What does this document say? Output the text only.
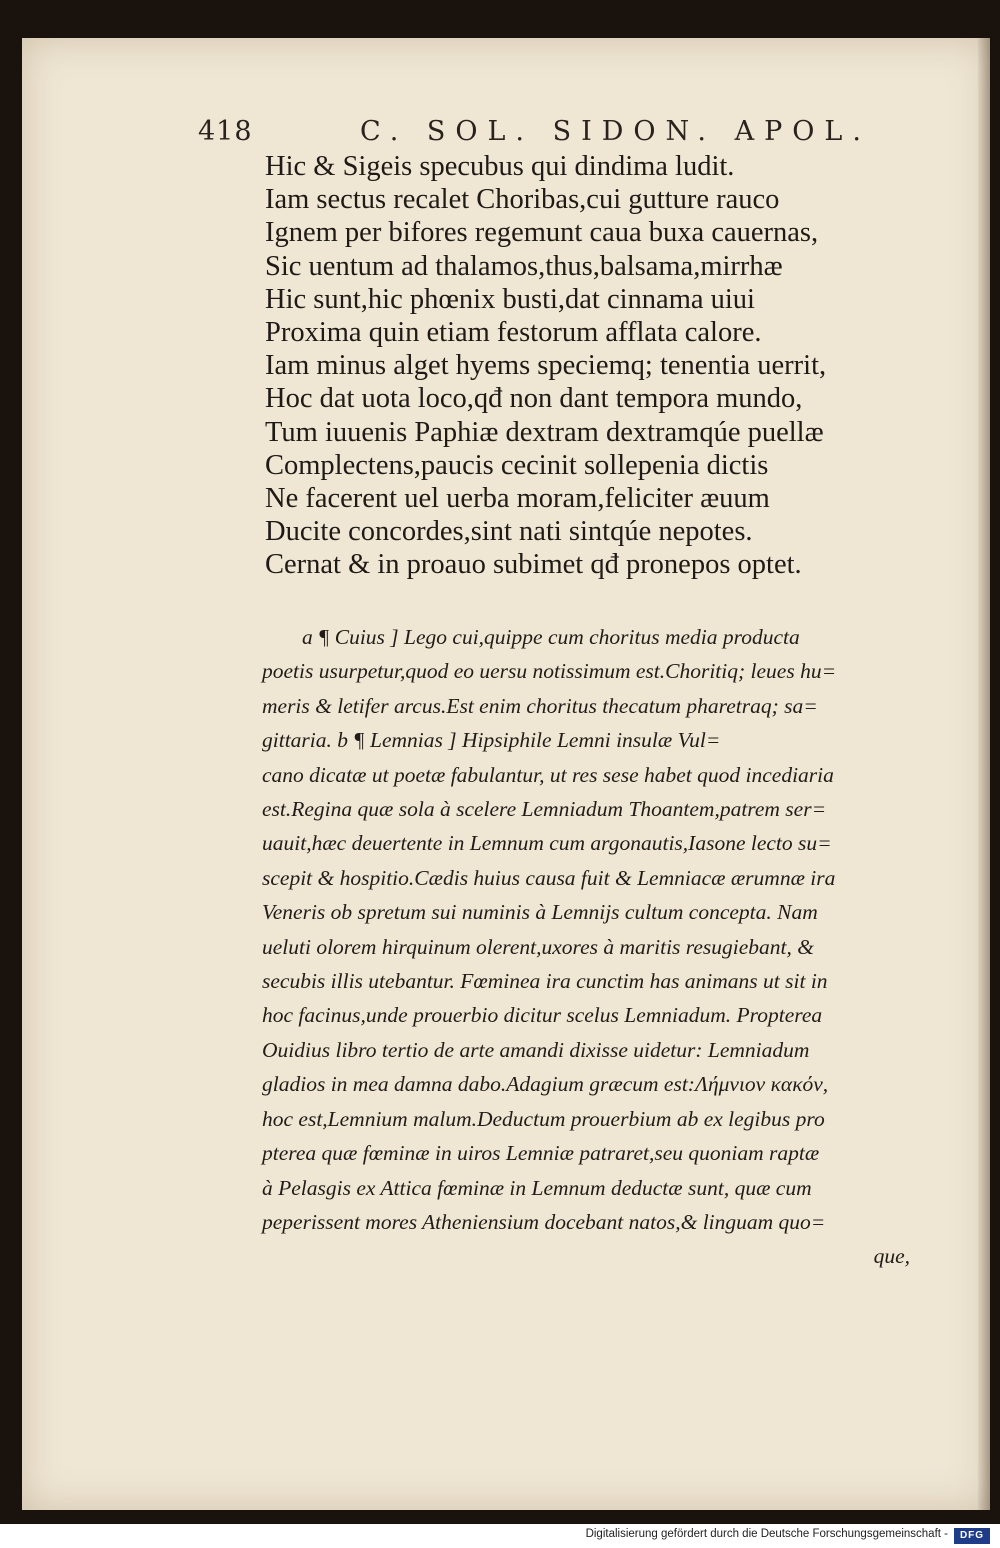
418	C. SOL. SIDON. APOL.
Hic & Sigeis specubus qui dindima ludit.
Iam sectus recalet Choribas,cui gutture rauco
Ignem per bifores regemunt caua buxa cauernas,
Sic uentum ad thalamos,thus,balsama,mirrhæ
Hic sunt,hic phœnix busti,dat cinnama uiui
Proxima quin etiam festorum afflata calore.
Iam minus alget hyems speciemq; tenentia uerrit,
Hoc dat uota loco,qđ non dant tempora mundo,
Tum iuuenis Paphiæ dextram dextramqúe puellæ
Complectens,paucis cecinit sollepenia dictis
Ne facerent uel uerba moram,feliciter æuum
Ducite concordes,sint nati sintqúe nepotes.
Cernat & in proauo subimet qđ pronepos optet.
a ¶ Cuius ] Lego cui,quippe cum choritus media producta
poetis usurpetur,quod eo uersu notissimum est.Choritiq; leues hu=
meris & letifer arcus.Est enim choritus thecatum pharetraq; sa=
gittaria. b ¶ Lemnias ] Hipsiphile Lemni insulæ Vul=
cano dicatæ ut poetæ fabulantur, ut res sese habet quod incediaria
est.Regina quæ sola à scelere Lemniadum Thoantem,patrem ser=
uauit,hæc deuertente in Lemnum cum argonautis,Iasone lecto su=
scepit & hospitio.Cædis huius causa fuit & Lemniacæ ærumnæ ira
Veneris ob spretum sui numinis à Lemnijs cultum concepta. Nam
ueluti olorem hirquinum olerent,uxores à maritis resugiebant, &
secubis illis utebantur. Fœminea ira cunctim has animans ut sit in
hoc facinus,unde prouerbio dicitur scelus Lemniadum. Propterea
Ouidius libro tertio de arte amandi dixisse uidetur: Lemniadum
gladios in mea damna dabo.Adagium græcum est:Λήμνιον κακόν,
hoc est,Lemnium malum.Deductum prouerbium ab ex legibus pro
pterea quæ fœminæ in uiros Lemniæ patraret,seu quoniam raptæ
à Pelasgis ex Attica fœminæ in Lemnum deductæ sunt, quæ cum
peperissent mores Atheniensium docebant natos,& linguam quo=
que,
Digitalisierung gefördert durch die Deutsche Forschungsgemeinschaft -	DFG
